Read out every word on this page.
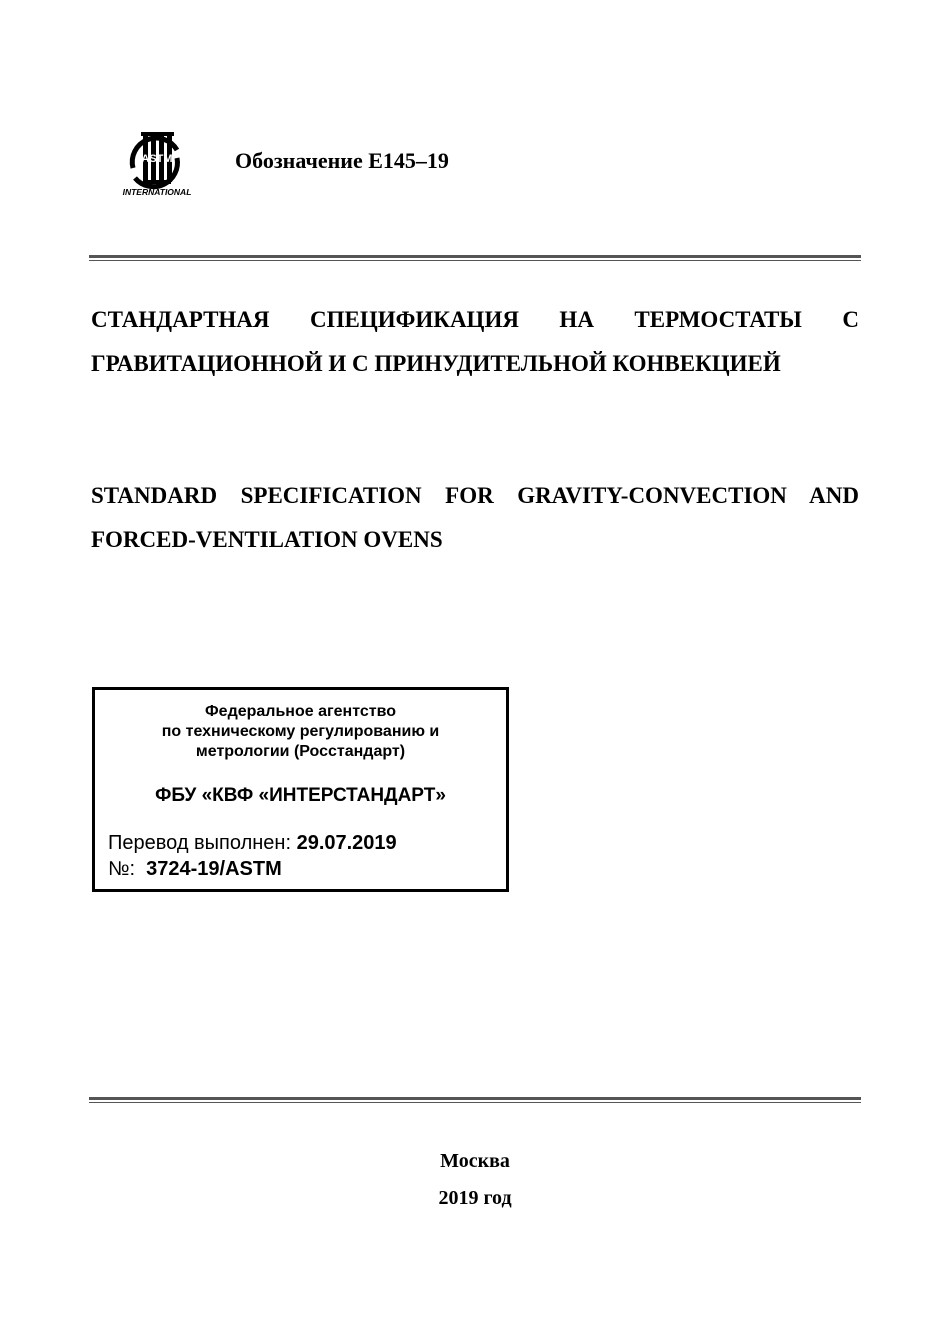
ASTM
INTERNATIONAL
Обозначение E145–19

СТАНДАРТНАЯ СПЕЦИФИКАЦИЯ НА ТЕРМОСТАТЫ С ГРАВИТАЦИОННОЙ И С ПРИНУДИТЕЛЬНОЙ КОНВЕКЦИЕЙ

STANDARD SPECIFICATION FOR GRAVITY-CONVECTION AND FORCED-VENTILATION OVENS

Федеральное агентство
по техническому регулированию и
метрологии (Росстандарт)
ФБУ «КВФ «ИНТЕРСТАНДАРТ»
Перевод выполнен: 29.07.2019
№: 3724-19/ASTM
Москва
2019 год
